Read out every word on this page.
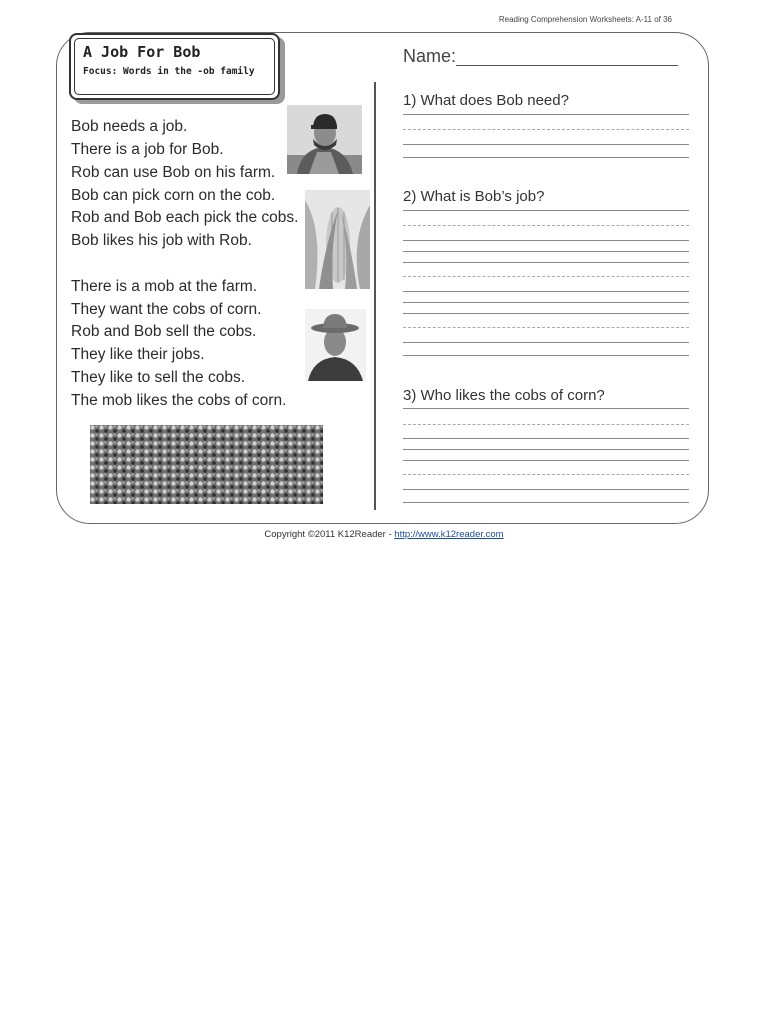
Reading Comprehension Worksheets: A-11 of 36
A Job For Bob
Focus: Words in the -ob family
Bob needs a job.
There is a job for Bob.
Rob can use Bob on his farm.
Bob can pick corn on the cob.
Rob and Bob each pick the cobs.
Bob likes his job with Rob.
There is a mob at the farm.
They want the cobs of corn.
Rob and Bob sell the cobs.
They like their jobs.
They like to sell the cobs.
The mob likes the cobs of corn.
Name:
1) What does Bob need?
2) What is Bob’s job?
3) Who likes the cobs of corn?
Copyright ©2011 K12Reader - http://www.k12reader.com
